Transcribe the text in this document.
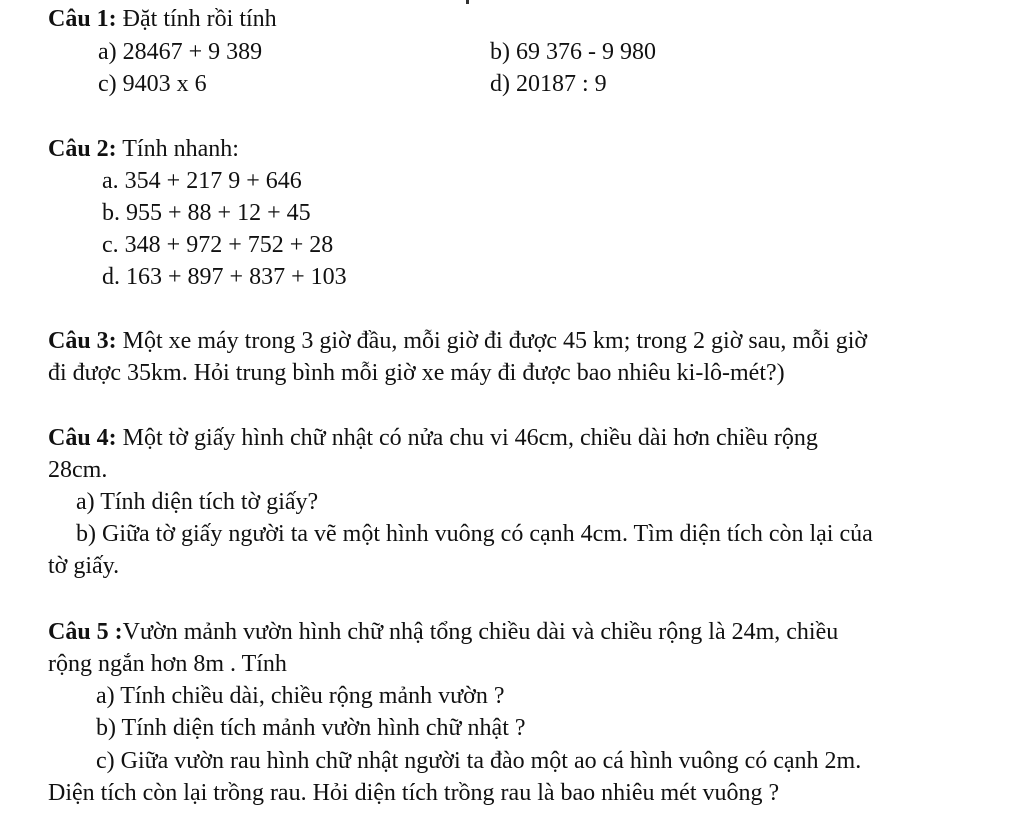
Câu 1: Đặt tính rồi tính
a) 28467 + 9 389	b) 69 376 - 9 980
c) 9403 x 6	d) 20187 : 9
Câu 2: Tính nhanh:
a. 354 + 217 9 + 646
b. 955 + 88 + 12 + 45
c. 348 + 972 + 752 + 28
d. 163 + 897 + 837 + 103
Câu 3: Một xe máy trong 3 giờ đầu, mỗi giờ đi được 45 km; trong 2 giờ sau, mỗi giờ
đi được 35km. Hỏi trung bình mỗi giờ xe máy đi được bao nhiêu ki-lô-mét?)
Câu 4: Một tờ giấy hình chữ nhật có nửa chu vi 46cm, chiều dài hơn chiều rộng
28cm.
a) Tính diện tích tờ giấy?
b) Giữa tờ giấy người ta vẽ một hình vuông có cạnh 4cm. Tìm diện tích còn lại của
tờ giấy.
Câu 5 :Vườn mảnh vườn hình chữ nhậ tổng chiều dài và chiều rộng là 24m, chiều
rộng ngắn hơn 8m . Tính
a) Tính chiều dài, chiều rộng mảnh vườn ?
b) Tính diện tích mảnh vườn hình chữ nhật ?
c) Giữa vườn rau hình chữ nhật người ta đào một ao cá hình vuông có cạnh 2m.
Diện tích còn lại trồng rau. Hỏi diện tích trồng rau là bao nhiêu mét vuông ?
